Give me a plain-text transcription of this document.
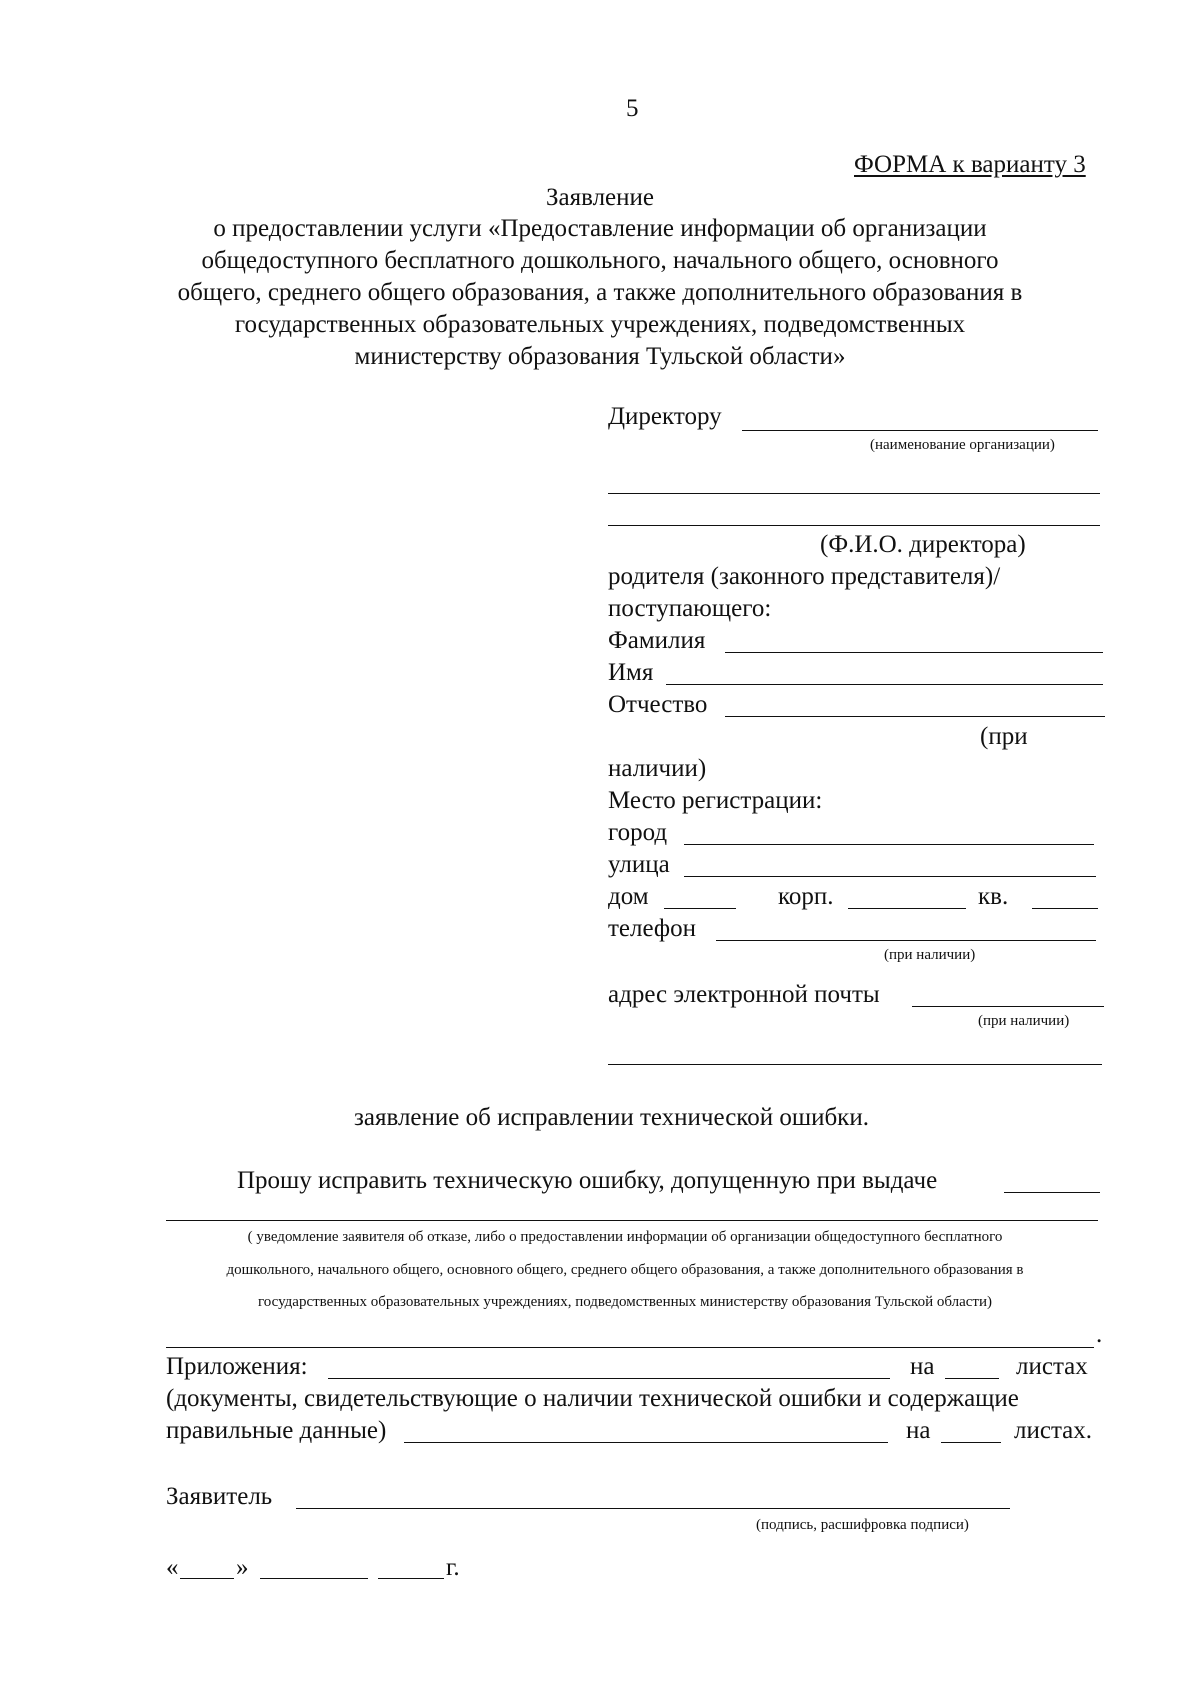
5
ФОРМА к варианту 3
Заявление
о предоставлении услуги «Предоставление информации об организации
общедоступного бесплатного дошкольного, начального общего, основного
общего, среднего общего образования, а также дополнительного образования в
государственных образовательных учреждениях, подведомственных
министерству образования Тульской области»
Директору
(наименование организации)
(Ф.И.О. директора)
родителя (законного представителя)/
поступающего:
Фамилия
Имя
Отчество
(при
наличии)
Место регистрации:
город
улица
дом	корп.	кв.
телефон
(при наличии)
адрес электронной почты
(при наличии)
заявление об исправлении технической ошибки.
Прошу исправить техническую ошибку, допущенную при выдаче
( уведомление заявителя об отказе, либо о предоставлении информации об организации общедоступного бесплатного
дошкольного, начального общего, основного общего, среднего общего образования, а также дополнительного образования в
государственных образовательных учреждениях, подведомственных министерству образования Тульской области)
.
Приложения:	на	листах
(документы, свидетельствующие о наличии технической ошибки и содержащие
правильные данные)	на	листах.
Заявитель
(подпись, расшифровка подписи)
« »	г.
